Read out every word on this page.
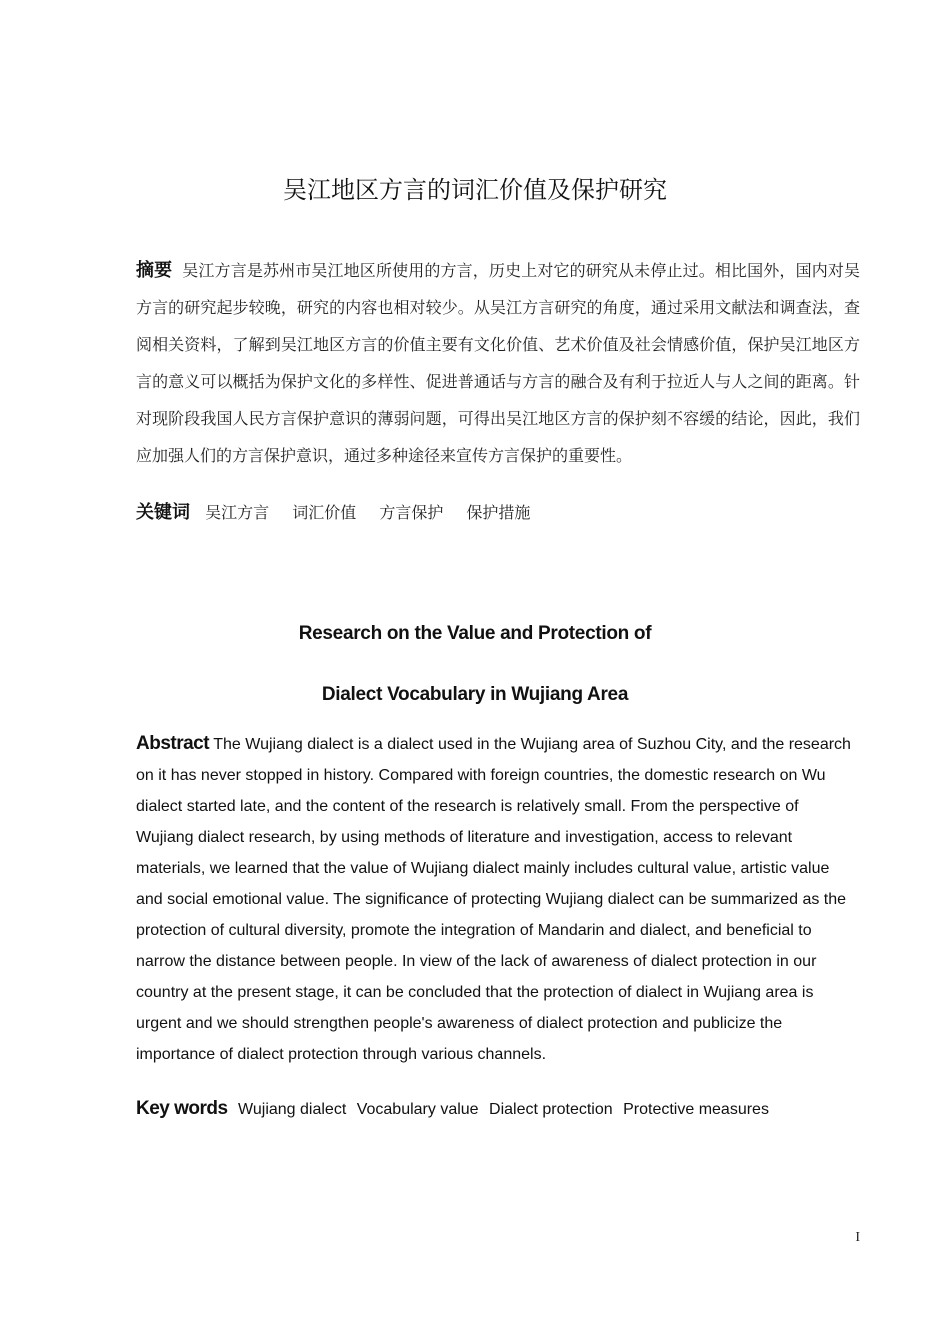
吴江地区方言的词汇价值及保护研究
摘要 吴江方言是苏州市吴江地区所使用的方言，历史上对它的研究从未停止过。相比国外，国内对吴方言的研究起步较晚，研究的内容也相对较少。从吴江方言研究的角度，通过采用文献法和调查法，查阅相关资料，了解到吴江地区方言的价值主要有文化价值、艺术价值及社会情感价值，保护吴江地区方言的意义可以概括为保护文化的多样性、促进普通话与方言的融合及有利于拉近人与人之间的距离。针对现阶段我国人民方言保护意识的薄弱问题，可得出吴江地区方言的保护刻不容缓的结论，因此，我们应加强人们的方言保护意识，通过多种途径来宣传方言保护的重要性。
关键词 吴江方言 词汇价值 方言保护 保护措施
Research on the Value and Protection of
Dialect Vocabulary in Wujiang Area
Abstract The Wujiang dialect is a dialect used in the Wujiang area of Suzhou City, and the research on it has never stopped in history. Compared with foreign countries, the domestic research on Wu dialect started late, and the content of the research is relatively small. From the perspective of Wujiang dialect research, by using methods of literature and investigation, access to relevant materials, we learned that the value of Wujiang dialect mainly includes cultural value, artistic value and social emotional value. The significance of protecting Wujiang dialect can be summarized as the protection of cultural diversity, promote the integration of Mandarin and dialect, and beneficial to narrow the distance between people. In view of the lack of awareness of dialect protection in our country at the present stage, it can be concluded that the protection of dialect in Wujiang area is urgent and we should strengthen people's awareness of dialect protection and publicize the importance of dialect protection through various channels.
Key words Wujiang dialect Vocabulary value Dialect protection Protective measures
I
